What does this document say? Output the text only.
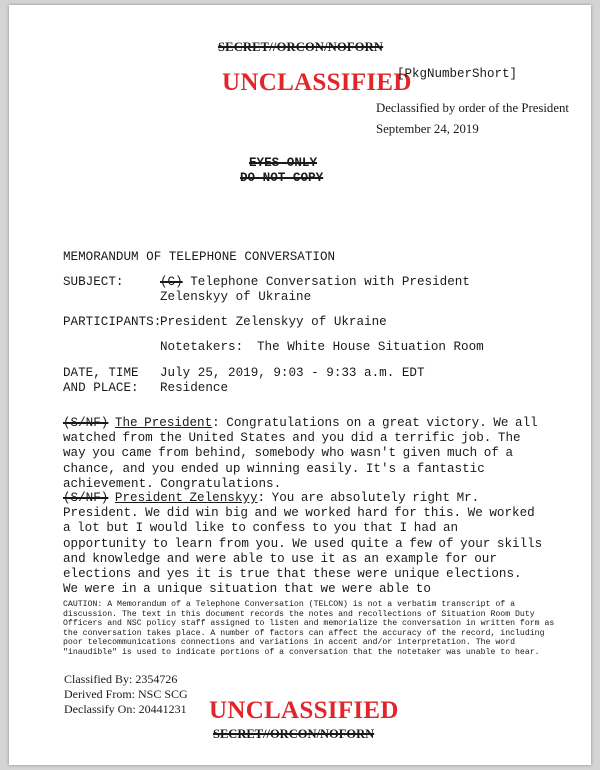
SECRET//ORCON/NOFORN
UNCLASSIFIED
[PkgNumberShort]
Declassified by order of the President
September 24, 2019
EYES ONLY
DO NOT COPY
MEMORANDUM OF TELEPHONE CONVERSATION
SUBJECT:	(C) Telephone Conversation with President
Zelenskyy of Ukraine
PARTICIPANTS:
President Zelenskyy of Ukraine
Notetakers: The White House Situation Room
DATE, TIME
AND PLACE:
July 25, 2019, 9:03 - 9:33 a.m. EDT
Residence
(S/NF) The President: Congratulations on a great victory. We all watched from the United States and you did a terrific job. The way you came from behind, somebody who wasn't given much of a chance, and you ended up winning easily. It's a fantastic achievement. Congratulations.
(S/NF) President Zelenskyy: You are absolutely right Mr. President. We did win big and we worked hard for this. We worked a lot but I would like to confess to you that I had an opportunity to learn from you. We used quite a few of your skills and knowledge and were able to use it as an example for our elections and yes it is true that these were unique elections. We were in a unique situation that we were able to
CAUTION: A Memorandum of a Telephone Conversation (TELCON) is not a verbatim transcript of a discussion. The text in this document records the notes and recollections of Situation Room Duty Officers and NSC policy staff assigned to listen and memorialize the conversation in written form as the conversation takes place. A number of factors can affect the accuracy of the record, including poor telecommunications connections and variations in accent and/or interpretation. The word "inaudible" is used to indicate portions of a conversation that the notetaker was unable to hear.
Classified By: 2354726
Derived From: NSC SCG
Declassify On: 20441231 UNCLASSIFIED
SECRET//ORCON/NOFORN
